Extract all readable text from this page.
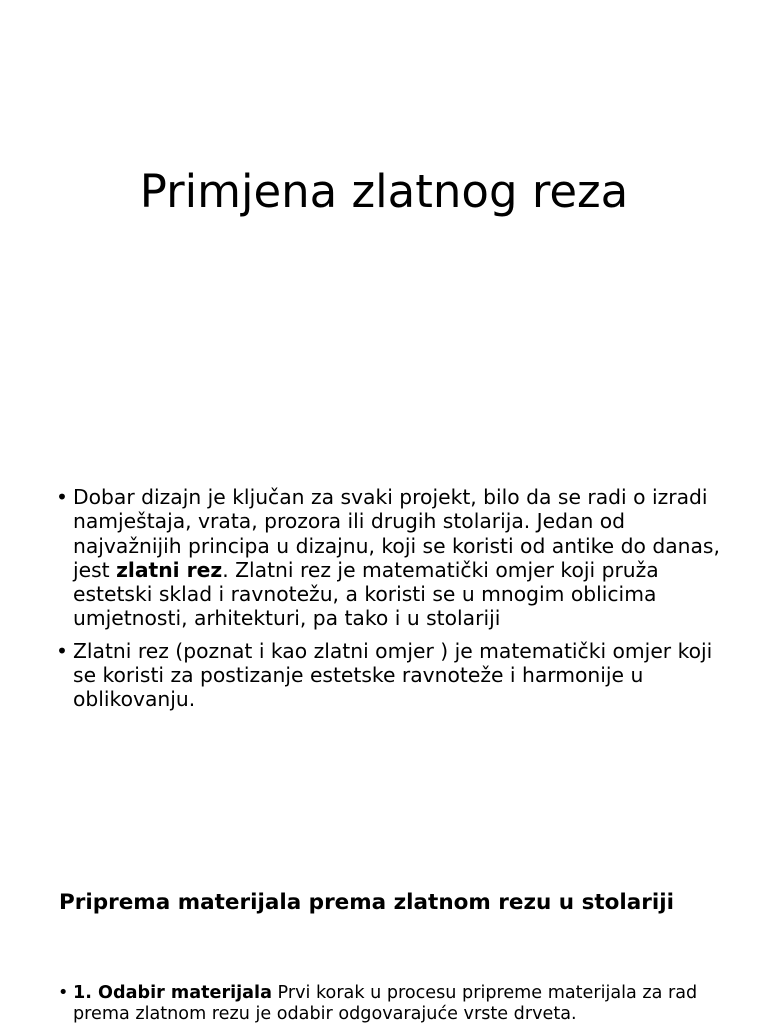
Primjena zlatnog reza
• Dobar dizajn je ključan za svaki projekt, bilo da se radi o izradi namještaja, vrata, prozora ili drugih stolarija. Jedan od najvažnijih principa u dizajnu, koji se koristi od antike do danas, jest zlatni rez. Zlatni rez je matematički omjer koji pruža estetski sklad i ravnotežu, a koristi se u mnogim oblicima umjetnosti, arhitekturi, pa tako i u stolariji
• Zlatni rez (poznat i kao zlatni omjer ) je matematički omjer koji se koristi za postizanje estetske ravnoteže i harmonije u oblikovanju.
Priprema materijala prema zlatnom rezu u stolariji
• 1. Odabir materijala Prvi korak u procesu pripreme materijala za rad prema zlatnom rezu je odabir odgovarajuće vrste drveta.
